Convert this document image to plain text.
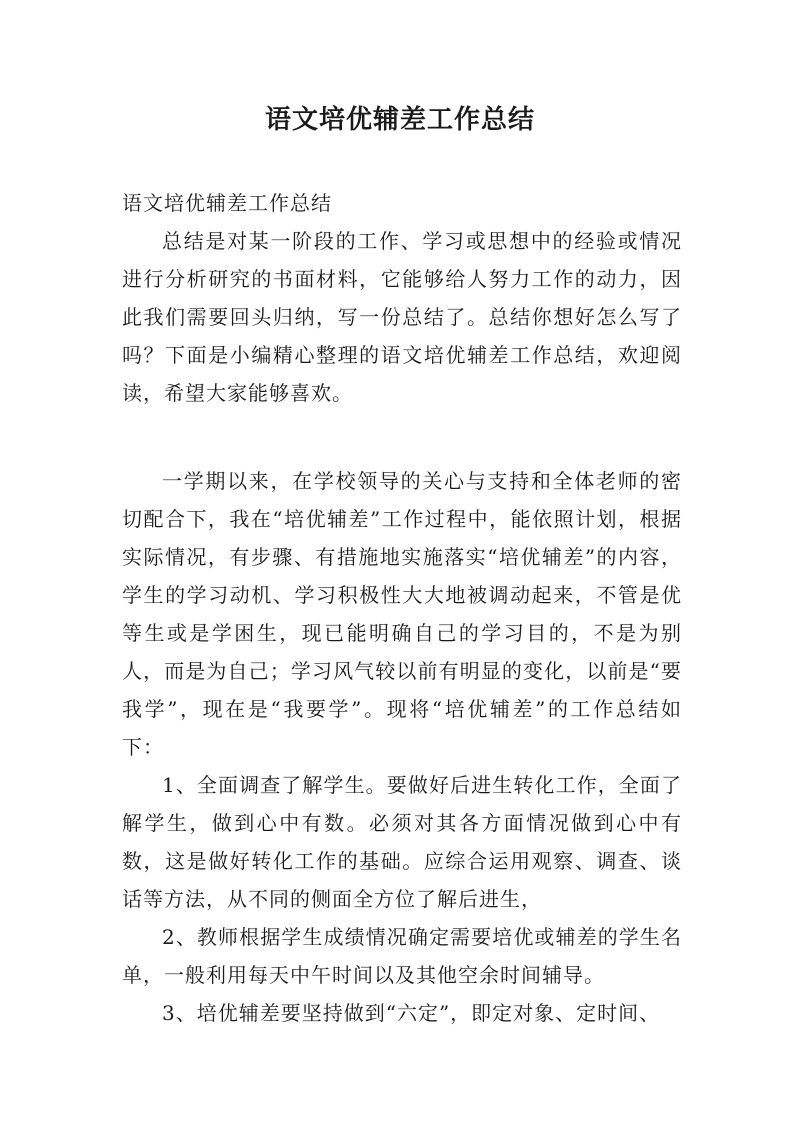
语文培优辅差工作总结

语文培优辅差工作总结

总结是对某一阶段的工作、学习或思想中的经验或情况进行分析研究的书面材料，它能够给人努力工作的动力，因此我们需要回头归纳，写一份总结了。总结你想好怎么写了吗？下面是小编精心整理的语文培优辅差工作总结，欢迎阅读，希望大家能够喜欢。

一学期以来，在学校领导的关心与支持和全体老师的密切配合下，我在“培优辅差”工作过程中，能依照计划，根据实际情况，有步骤、有措施地实施落实“培优辅差”的内容，学生的学习动机、学习积极性大大地被调动起来，不管是优等生或是学困生，现已能明确自己的学习目的，不是为别人，而是为自己；学习风气较以前有明显的变化，以前是“要我学”，现在是“我要学”。现将“培优辅差”的工作总结如下：

1、全面调查了解学生。要做好后进生转化工作，全面了解学生，做到心中有数。必须对其各方面情况做到心中有数，这是做好转化工作的基础。应综合运用观察、调查、谈话等方法，从不同的侧面全方位了解后进生，

2、教师根据学生成绩情况确定需要培优或辅差的学生名单，一般利用每天中午时间以及其他空余时间辅导。

3、培优辅差要坚持做到“六定”，即定对象、定时间、
